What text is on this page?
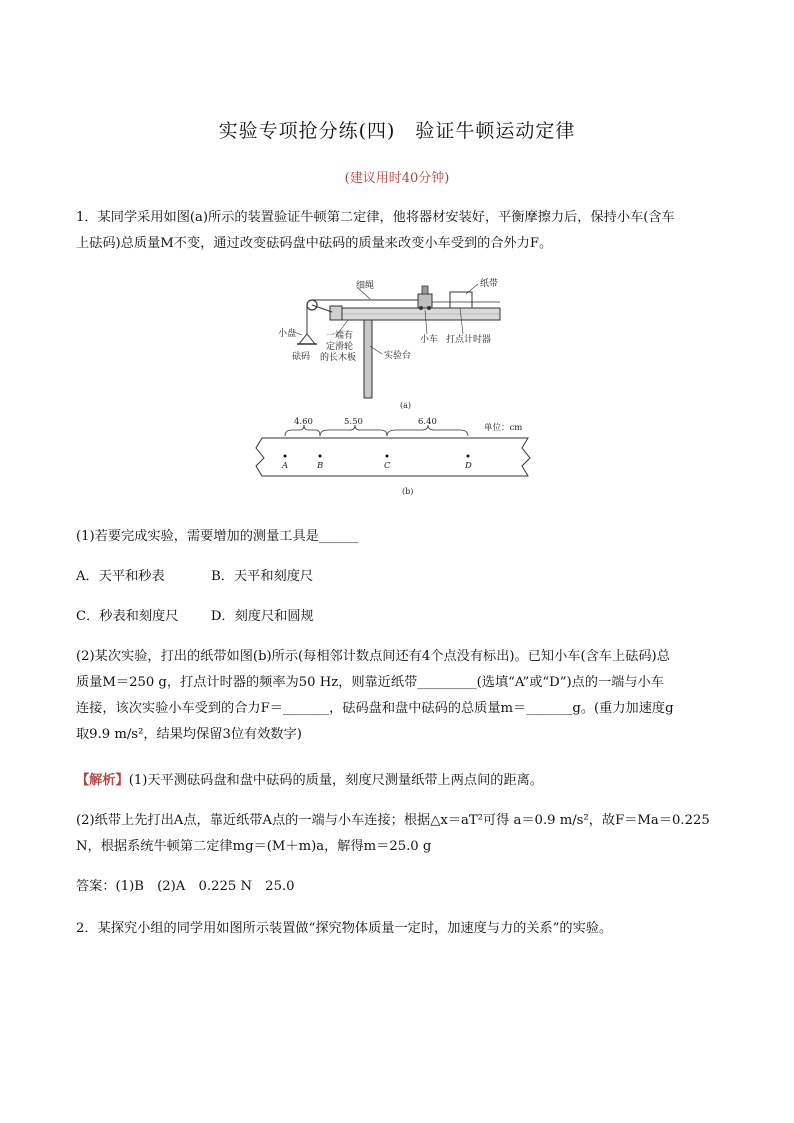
实验专项抢分练(四)　验证牛顿运动定律
(建议用时40分钟)
1．某同学采用如图(a)所示的装置验证牛顿第二定律，他将器材安装好，平衡摩擦力后，保持小车(含车
上砝码)总质量M不变，通过改变砝码盘中砝码的质量来改变小车受到的合外力F。
细绳	纸带
小盘
砝码
一端有
定滑轮
的长木板	实验台
小车 打点计时器
(a)
4.60	5.50	6.40
单位：cm
A	B	C	D
(b)
(1)若要完成实验，需要增加的测量工具是______
A．天平和秒表	B．天平和刻度尺
C．秒表和刻度尺 D．刻度尺和圆规
(2)某次实验，打出的纸带如图(b)所示(每相邻计数点间还有4个点没有标出)。已知小车(含车上砝码)总
质量M＝250 g，打点计时器的频率为50 Hz，则靠近纸带_________(选填“A”或“D”)点的一端与小车
连接，该次实验小车受到的合力F＝_______，砝码盘和盘中砝码的总质量m＝_______g。(重力加速度g
取9.9 m/s²，结果均保留3位有效数字)
【解析】(1)天平测砝码盘和盘中砝码的质量，刻度尺测量纸带上两点间的距离。
(2)纸带上先打出A点，靠近纸带A点的一端与小车连接；根据△x＝aT²可得 a＝0.9 m/s²，故F＝Ma＝0.225
N，根据系统牛顿第二定律mg＝(M＋m)a，解得m＝25.0 g
答案：(1)B　(2)A　0.225 N　25.0
2．某探究小组的同学用如图所示装置做“探究物体质量一定时，加速度与力的关系”的实验。
